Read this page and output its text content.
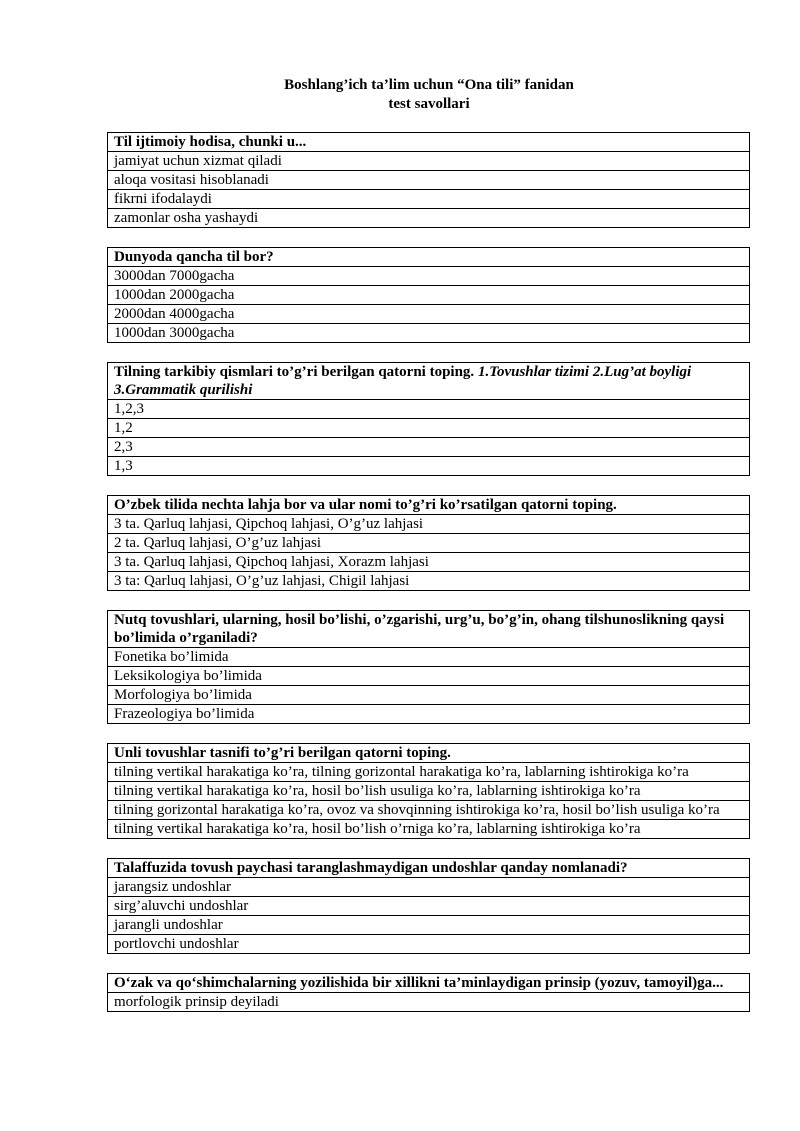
Boshlang’ich ta’lim uchun “Ona tili” fanidan
test savollari
Til ijtimoiy hodisa, chunki u...
jamiyat uchun xizmat qiladi
aloqa vositasi hisoblanadi
fikrni ifodalaydi
zamonlar osha yashaydi
Dunyoda qancha til bor?
3000dan 7000gacha
1000dan 2000gacha
2000dan 4000gacha
1000dan 3000gacha
Tilning tarkibiy qismlari to’g’ri berilgan qatorni toping. 1.Tovushlar tizimi 2.Lug’at boyligi 3.Grammatik qurilishi
1,2,3
1,2
2,3
1,3
O’zbek tilida nechta lahja bor va ular nomi to’g’ri ko’rsatilgan qatorni toping.
3 ta. Qarluq lahjasi, Qipchoq lahjasi, O’g’uz lahjasi
2 ta. Qarluq lahjasi, O’g’uz lahjasi
3 ta. Qarluq lahjasi, Qipchoq lahjasi, Xorazm lahjasi
3 ta: Qarluq lahjasi, O’g’uz lahjasi, Chigil lahjasi
Nutq tovushlari, ularning, hosil bo’lishi, o’zgarishi, urg’u, bo’g’in, ohang tilshunoslikning qaysi bo’limida o’rganiladi?
Fonetika bo’limida
Leksikologiya bo’limida
Morfologiya bo’limida
Frazeologiya bo’limida
Unli tovushlar tasnifi to’g’ri berilgan qatorni toping.
tilning vertikal harakatiga ko’ra, tilning gorizontal harakatiga ko’ra, lablarning ishtirokiga ko’ra
tilning vertikal harakatiga ko’ra, hosil bo’lish usuliga ko’ra, lablarning ishtirokiga ko’ra
tilning gorizontal harakatiga ko’ra, ovoz va shovqinning ishtirokiga ko’ra, hosil bo’lish usuliga ko’ra
tilning vertikal harakatiga ko’ra, hosil bo’lish o’rniga ko’ra, lablarning ishtirokiga ko’ra
Talaffuzida tovush paychasi taranglashmaydigan undoshlar qanday nomlanadi?
jarangsiz undoshlar
sirg’aluvchi undoshlar
jarangli undoshlar
portlovchi undoshlar
O‘zak va qo‘shimchalarning yozilishida bir xillikni ta’minlaydigan prinsip (yozuv, tamoyil)ga...
morfologik prinsip deyiladi
